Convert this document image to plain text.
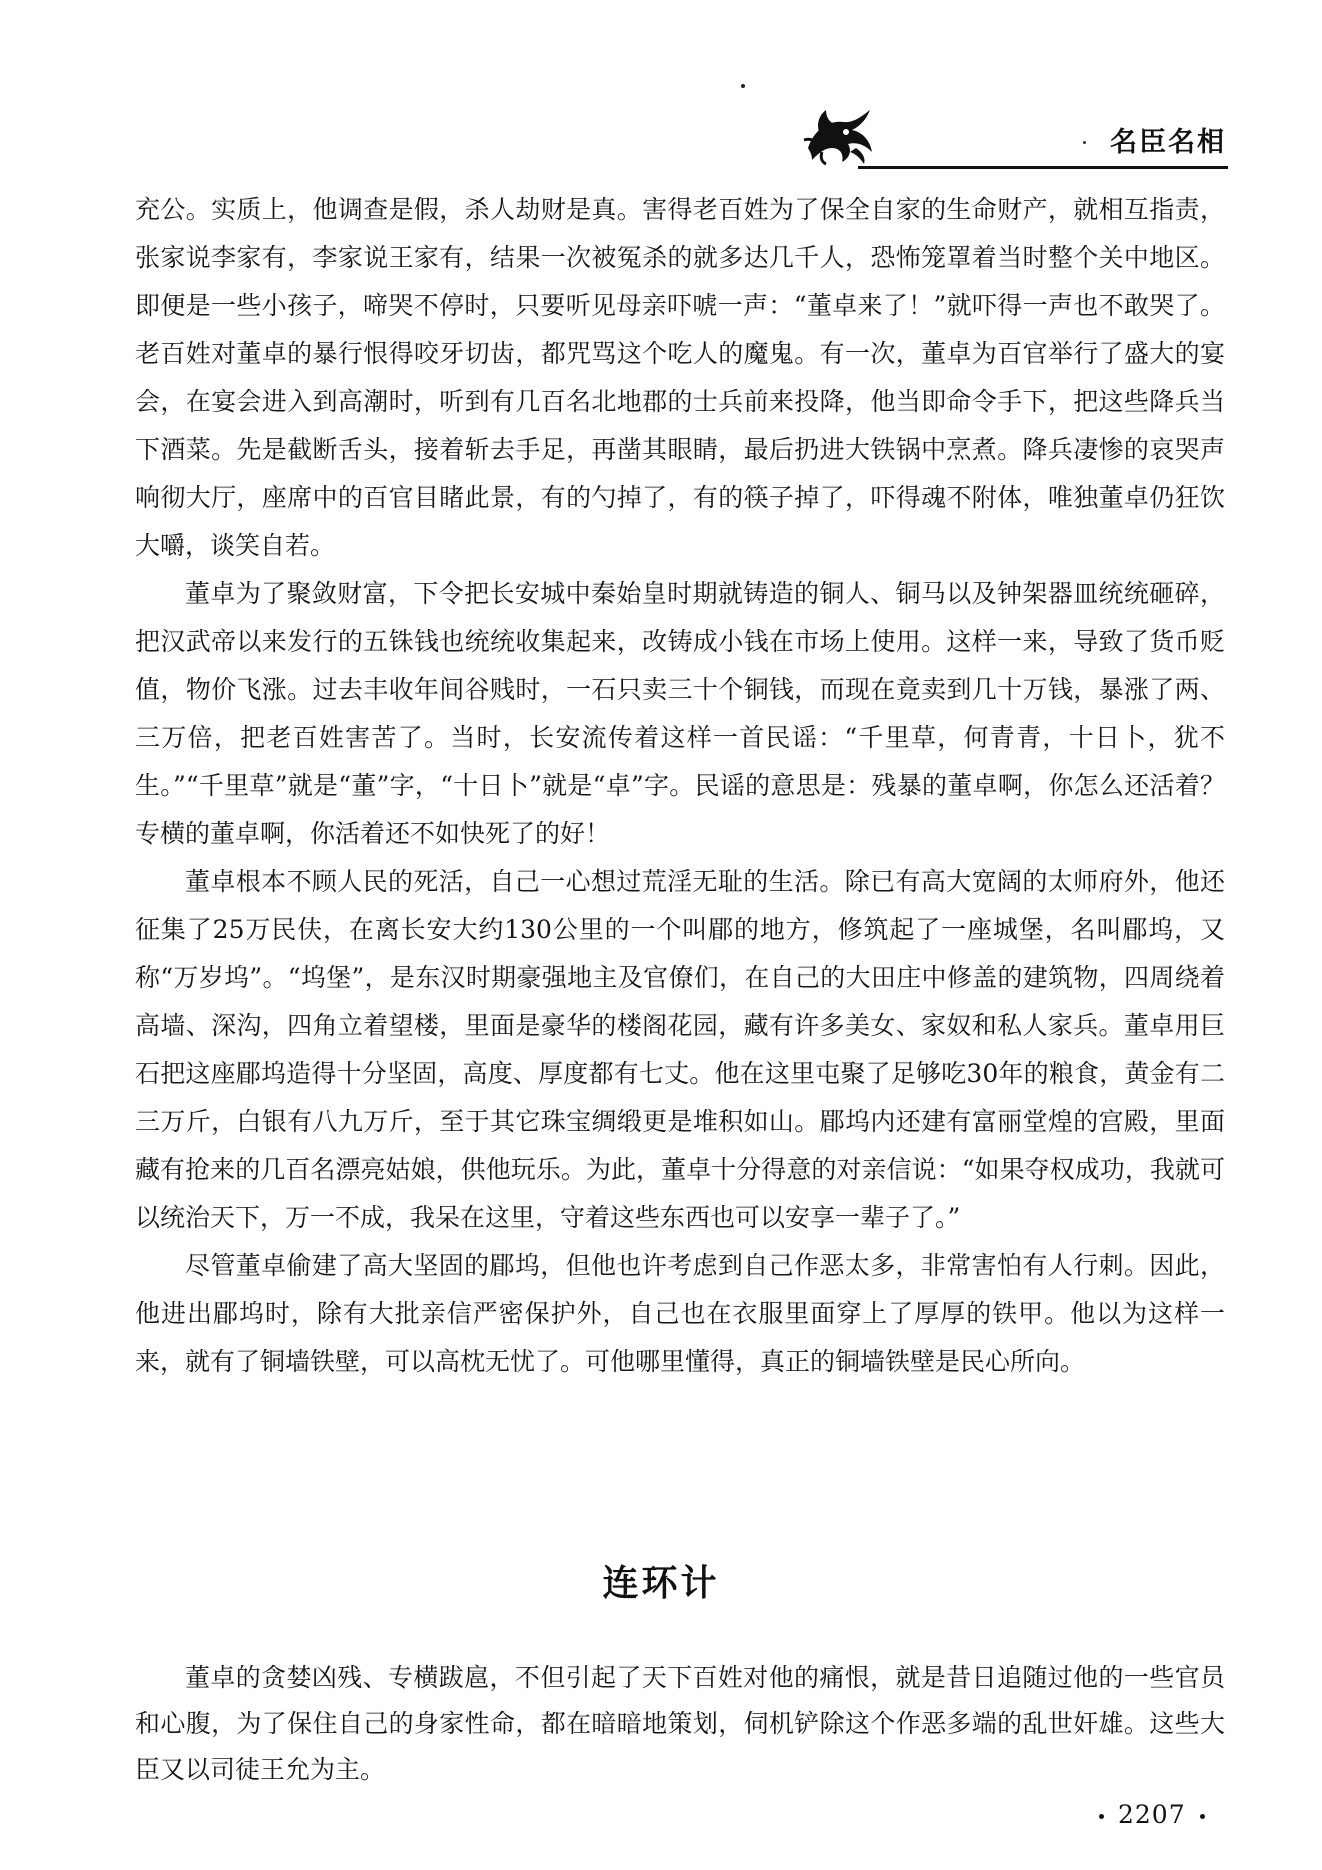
名臣名相

充公。实质上，他调查是假，杀人劫财是真。害得老百姓为了保全自家的生命财产，就相互指责，张家说李家有，李家说王家有，结果一次被冤杀的就多达几千人，恐怖笼罩着当时整个关中地区。即便是一些小孩子，啼哭不停时，只要听见母亲吓唬一声：“董卓来了！”就吓得一声也不敢哭了。老百姓对董卓的暴行恨得咬牙切齿，都咒骂这个吃人的魔鬼。有一次，董卓为百官举行了盛大的宴会，在宴会进入到高潮时，听到有几百名北地郡的士兵前来投降，他当即命令手下，把这些降兵当下酒菜。先是截断舌头，接着斩去手足，再凿其眼睛，最后扔进大铁锅中烹煮。降兵凄惨的哀哭声响彻大厅，座席中的百官目睹此景，有的勺掉了，有的筷子掉了，吓得魂不附体，唯独董卓仍狂饮大嚼，谈笑自若。

董卓为了聚敛财富，下令把长安城中秦始皇时期就铸造的铜人、铜马以及钟架器皿统统砸碎，把汉武帝以来发行的五铢钱也统统收集起来，改铸成小钱在市场上使用。这样一来，导致了货币贬值，物价飞涨。过去丰收年间谷贱时，一石只卖三十个铜钱，而现在竟卖到几十万钱，暴涨了两、三万倍，把老百姓害苦了。当时，长安流传着这样一首民谣：“千里草，何青青，十日卜，犹不生。”“千里草”就是“董”字，“十日卜”就是“卓”字。民谣的意思是：残暴的董卓啊，你怎么还活着？专横的董卓啊，你活着还不如快死了的好！

董卓根本不顾人民的死活，自己一心想过荒淫无耻的生活。除已有高大宽阔的太师府外，他还征集了25万民伕，在离长安大约130公里的一个叫郿的地方，修筑起了一座城堡，名叫郿坞，又称“万岁坞”。“坞堡”，是东汉时期豪强地主及官僚们，在自己的大田庄中修盖的建筑物，四周绕着高墙、深沟，四角立着望楼，里面是豪华的楼阁花园，藏有许多美女、家奴和私人家兵。董卓用巨石把这座郿坞造得十分坚固，高度、厚度都有七丈。他在这里屯聚了足够吃30年的粮食，黄金有二三万斤，白银有八九万斤，至于其它珠宝绸缎更是堆积如山。郿坞内还建有富丽堂煌的宫殿，里面藏有抢来的几百名漂亮姑娘，供他玩乐。为此，董卓十分得意的对亲信说：“如果夺权成功，我就可以统治天下，万一不成，我呆在这里，守着这些东西也可以安享一辈子了。”

尽管董卓偷建了高大坚固的郿坞，但他也许考虑到自己作恶太多，非常害怕有人行刺。因此，他进出郿坞时，除有大批亲信严密保护外，自己也在衣服里面穿上了厚厚的铁甲。他以为这样一来，就有了铜墙铁壁，可以高枕无忧了。可他哪里懂得，真正的铜墙铁壁是民心所向。

连环计

董卓的贪婪凶残、专横跋扈，不但引起了天下百姓对他的痛恨，就是昔日追随过他的一些官员和心腹，为了保住自己的身家性命，都在暗暗地策划，伺机铲除这个作恶多端的乱世奸雄。这些大臣又以司徒王允为主。

2207
